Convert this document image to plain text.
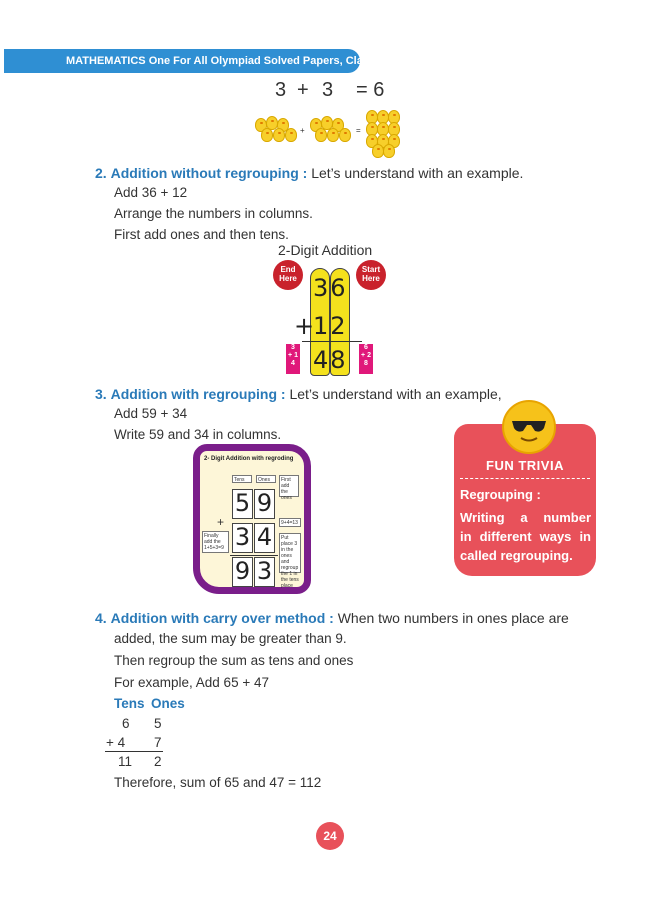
MATHEMATICS One For All Olympiad Solved Papers, Class-2
3 + 3 = 6
+	=
2. Addition without regrouping : Let’s understand with an example.
Add 36 + 12
Arrange the numbers in columns.
First add ones and then tens.
2-Digit Addition
End Here
Start Here
36
+
12
48
3
+ 1
4
6
+ 2
8
3. Addition with regrouping : Let’s understand with an example,
Add 59 + 34
Write 59 and 34 in columns.
2- Digit Addition with regroding
Tens	Ones
5 9
+
3 4
9 3
First add the ones
9+4=13
Finally add the 1+5+3=9
Put place 3 in the ones and regroup the 1 in the tens place
FUN TRIVIA
Regrouping :
Writing a number
in different ways in
called regrouping.
4. Addition with carry over method : When two numbers in ones place are
added, the sum may be greater than 9.
Then regroup the sum as tens and ones
For example, Add 65 + 47
Tens Ones
6 5
+ 4 7
11 2
Therefore, sum of 65 and 47 = 112
24
